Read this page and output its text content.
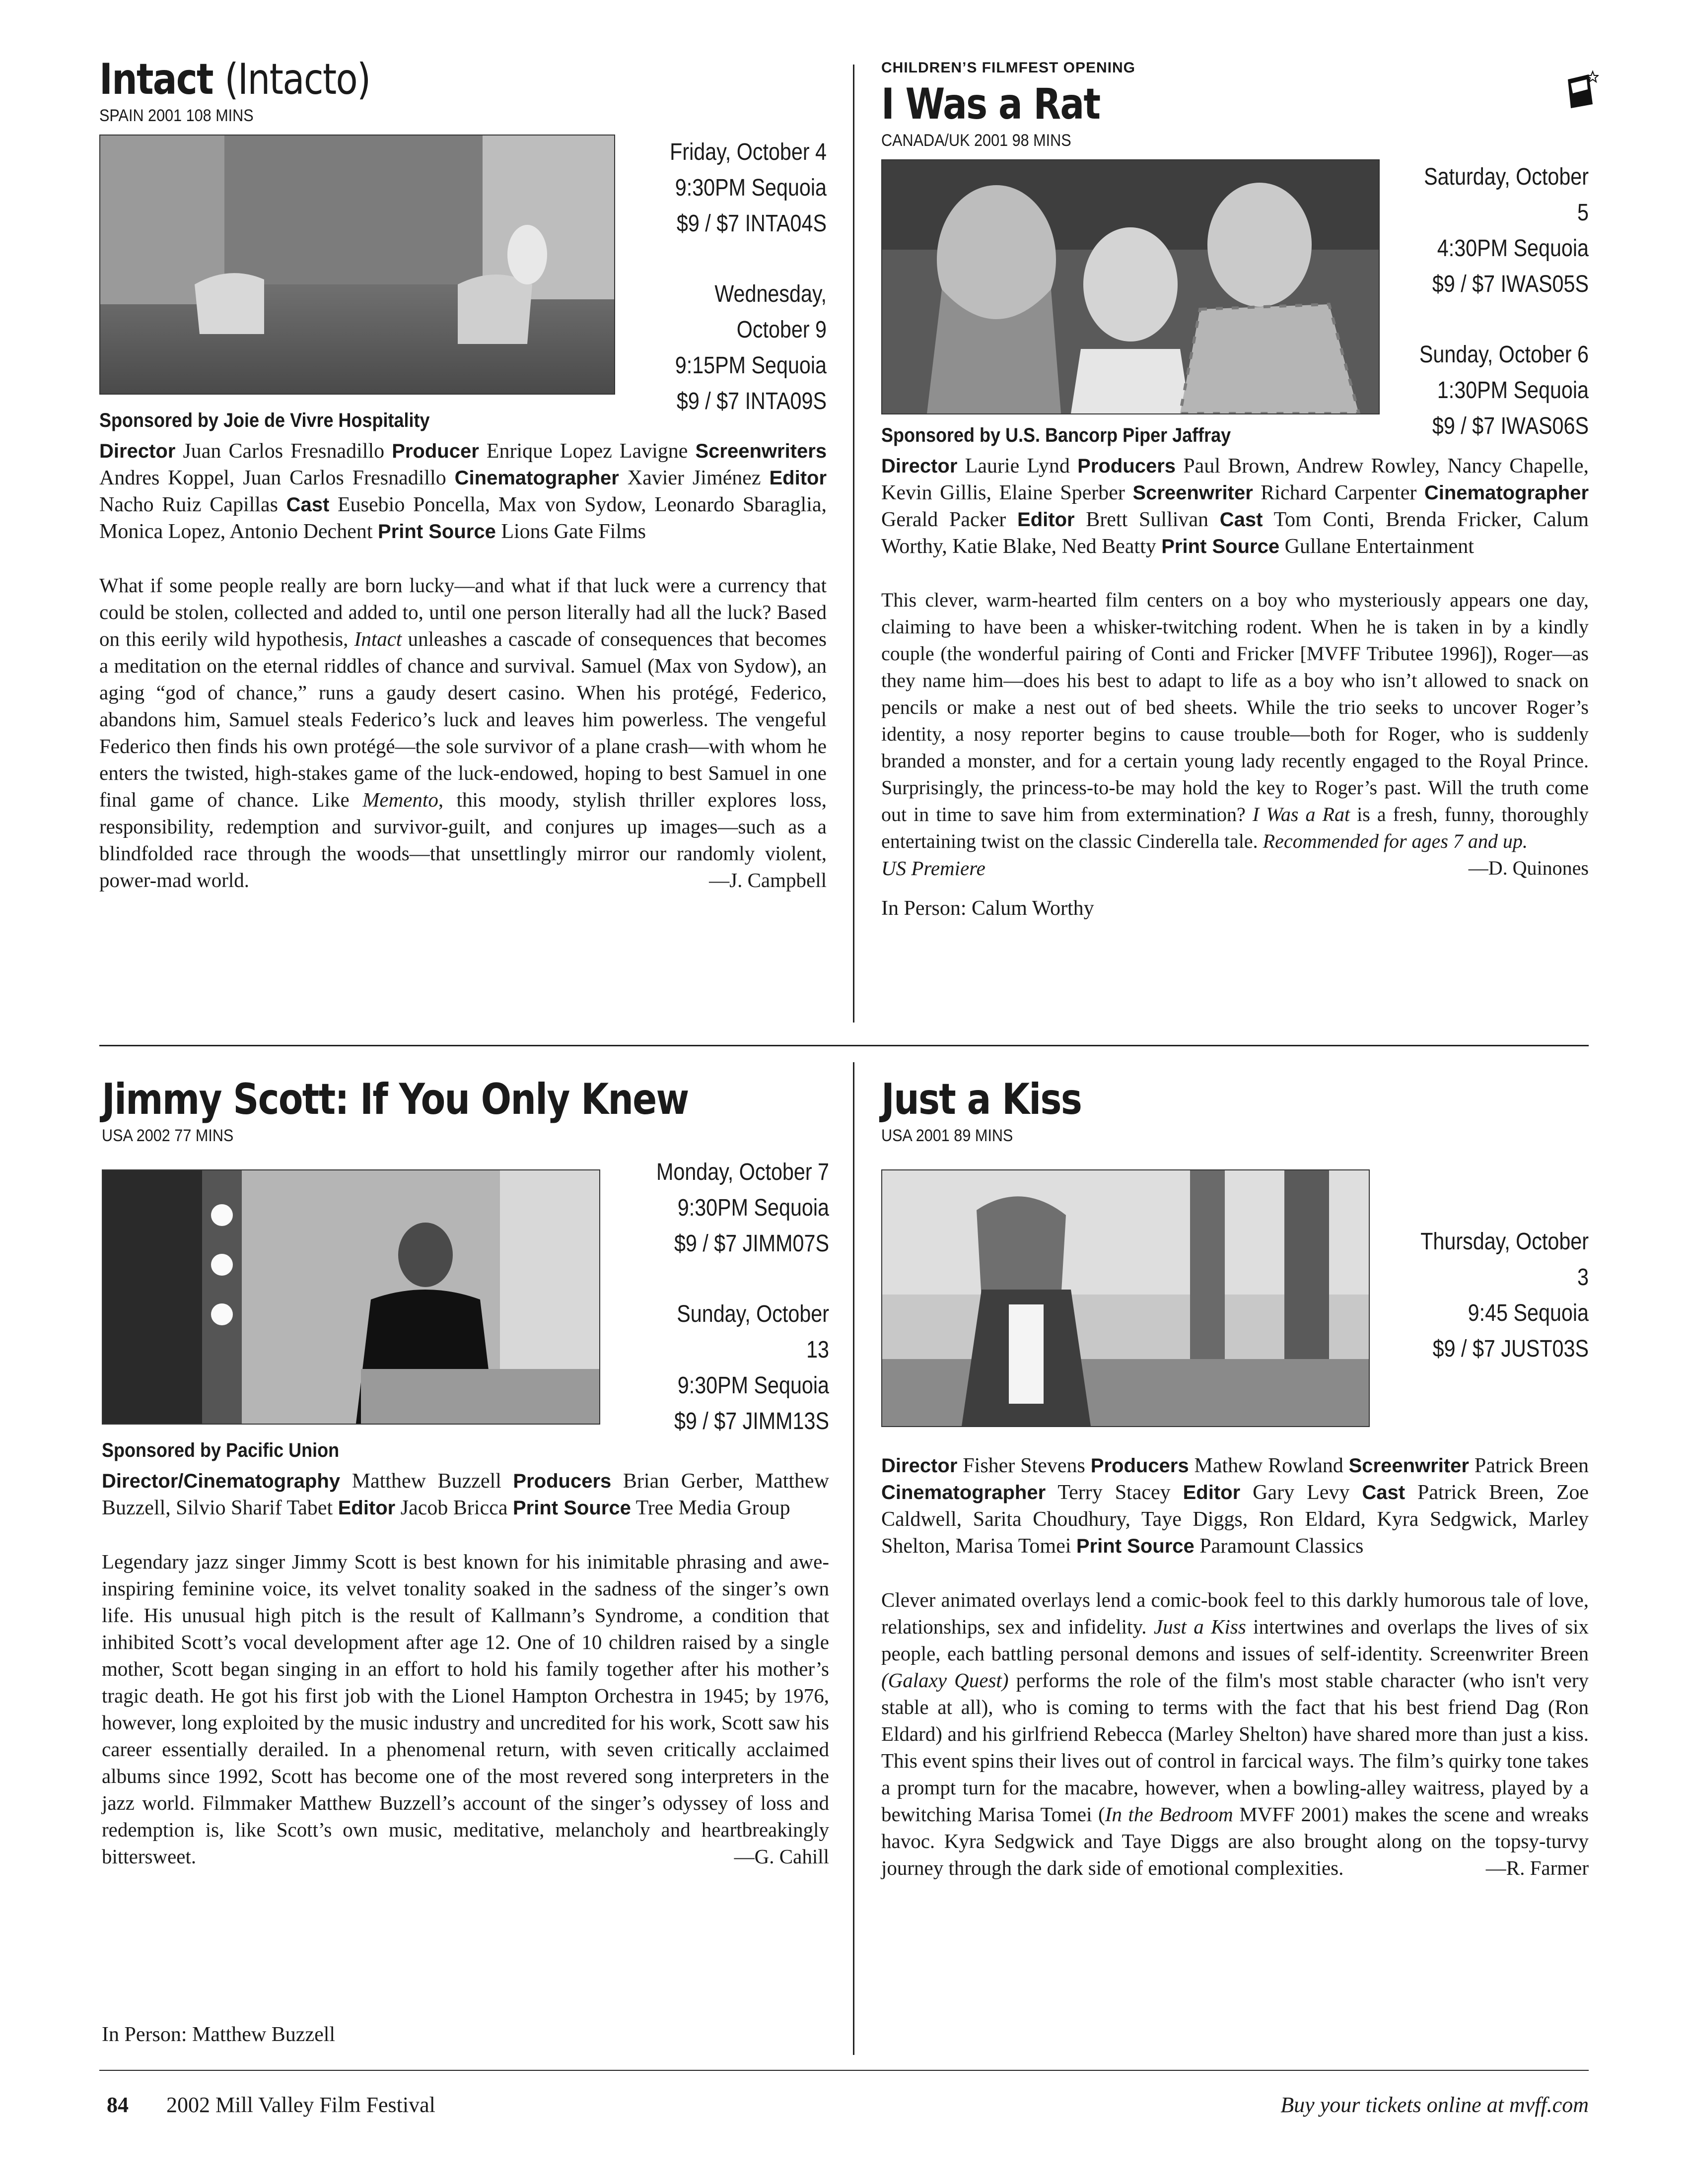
Intact (Intacto)
SPAIN 2001 108 MINS
Friday, October 4
9:30PM Sequoia
$9 / $7 INTA04S
Wednesday, October 9
9:15PM Sequoia
$9 / $7 INTA09S
Sponsored by Joie de Vivre Hospitality
Director Juan Carlos Fresnadillo Producer Enrique Lopez Lavigne Screenwriters Andres Koppel, Juan Carlos Fresnadillo Cinematographer Xavier Jiménez Editor Nacho Ruiz Capillas Cast Eusebio Poncella, Max von Sydow, Leonardo Sbaraglia, Monica Lopez, Antonio Dechent Print Source Lions Gate Films
What if some people really are born lucky—and what if that luck were a currency that could be stolen, collected and added to, until one person literally had all the luck? Based on this eerily wild hypothesis, Intact unleashes a cascade of consequences that becomes a meditation on the eternal riddles of chance and survival. Samuel (Max von Sydow), an aging “god of chance,” runs a gaudy desert casino. When his protégé, Federico, abandons him, Samuel steals Federico’s luck and leaves him powerless. The vengeful Federico then finds his own protégé—the sole survivor of a plane crash—with whom he enters the twisted, high-stakes game of the luck-endowed, hoping to best Samuel in one final game of chance. Like Memento, this moody, stylish thriller explores loss, responsibility, redemption and survivor-guilt, and conjures up images—such as a blindfolded race through the woods—that unsettlingly mirror our randomly violent, power-mad world.	—J. Campbell
CHILDREN’S FILMFEST OPENING
I Was a Rat
CANADA/UK 2001 98 MINS
Saturday, October 5
4:30PM Sequoia
$9 / $7 IWAS05S
Sunday, October 6
1:30PM Sequoia
$9 / $7 IWAS06S
Sponsored by U.S. Bancorp Piper Jaffray
Director Laurie Lynd Producers Paul Brown, Andrew Rowley, Nancy Chapelle, Kevin Gillis, Elaine Sperber Screenwriter Richard Carpenter Cinematographer Gerald Packer Editor Brett Sullivan Cast Tom Conti, Brenda Fricker, Calum Worthy, Katie Blake, Ned Beatty Print Source Gullane Entertainment
This clever, warm-hearted film centers on a boy who mysteriously appears one day, claiming to have been a whisker-twitching rodent. When he is taken in by a kindly couple (the wonderful pairing of Conti and Fricker [MVFF Tributee 1996]), Roger—as they name him—does his best to adapt to life as a boy who isn’t allowed to snack on pencils or make a nest out of bed sheets. While the trio seeks to uncover Roger’s identity, a nosy reporter begins to cause trouble—both for Roger, who is suddenly branded a monster, and for a certain young lady recently engaged to the Royal Prince. Surprisingly, the princess-to-be may hold the key to Roger’s past. Will the truth come out in time to save him from extermination? I Was a Rat is a fresh, funny, thoroughly entertaining twist on the classic Cinderella tale. Recommended for ages 7 and up.
—D. Quinones
US Premiere
In Person: Calum Worthy
Jimmy Scott: If You Only Knew
USA 2002 77 MINS
Monday, October 7
9:30PM Sequoia
$9 / $7 JIMM07S
Sunday, October 13
9:30PM Sequoia
$9 / $7 JIMM13S
Sponsored by Pacific Union
Director/Cinematography Matthew Buzzell Producers Brian Gerber, Matthew Buzzell, Silvio Sharif Tabet Editor Jacob Bricca Print Source Tree Media Group
Legendary jazz singer Jimmy Scott is best known for his inimitable phrasing and awe-inspiring feminine voice, its velvet tonality soaked in the sadness of the singer’s own life. His unusual high pitch is the result of Kallmann’s Syndrome, a condition that inhibited Scott’s vocal development after age 12. One of 10 children raised by a single mother, Scott began singing in an effort to hold his family together after his mother’s tragic death. He got his first job with the Lionel Hampton Orchestra in 1945; by 1976, however, long exploited by the music industry and uncredited for his work, Scott saw his career essentially derailed. In a phenomenal return, with seven critically acclaimed albums since 1992, Scott has become one of the most revered song interpreters in the jazz world. Filmmaker Matthew Buzzell’s account of the singer’s odyssey of loss and redemption is, like Scott’s own music, meditative, melancholy and heartbreakingly bittersweet.	—G. Cahill
In Person: Matthew Buzzell
Just a Kiss
USA 2001 89 MINS
Thursday, October 3
9:45 Sequoia
$9 / $7 JUST03S
Director Fisher Stevens Producers Mathew Rowland Screenwriter Patrick Breen Cinematographer Terry Stacey Editor Gary Levy Cast Patrick Breen, Zoe Caldwell, Sarita Choudhury, Taye Diggs, Ron Eldard, Kyra Sedgwick, Marley Shelton, Marisa Tomei Print Source Paramount Classics
Clever animated overlays lend a comic-book feel to this darkly humorous tale of love, relationships, sex and infidelity. Just a Kiss intertwines and overlaps the lives of six people, each battling personal demons and issues of self-identity. Screenwriter Breen (Galaxy Quest) performs the role of the film's most stable character (who isn't very stable at all), who is coming to terms with the fact that his best friend Dag (Ron Eldard) and his girlfriend Rebecca (Marley Shelton) have shared more than just a kiss. This event spins their lives out of control in farcical ways. The film’s quirky tone takes a prompt turn for the macabre, however, when a bowling-alley waitress, played by a bewitching Marisa Tomei (In the Bedroom MVFF 2001) makes the scene and wreaks havoc. Kyra Sedgwick and Taye Diggs are also brought along on the topsy-turvy journey through the dark side of emotional complexities.	—R. Farmer
84 2002 Mill Valley Film Festival	Buy your tickets online at mvff.com
